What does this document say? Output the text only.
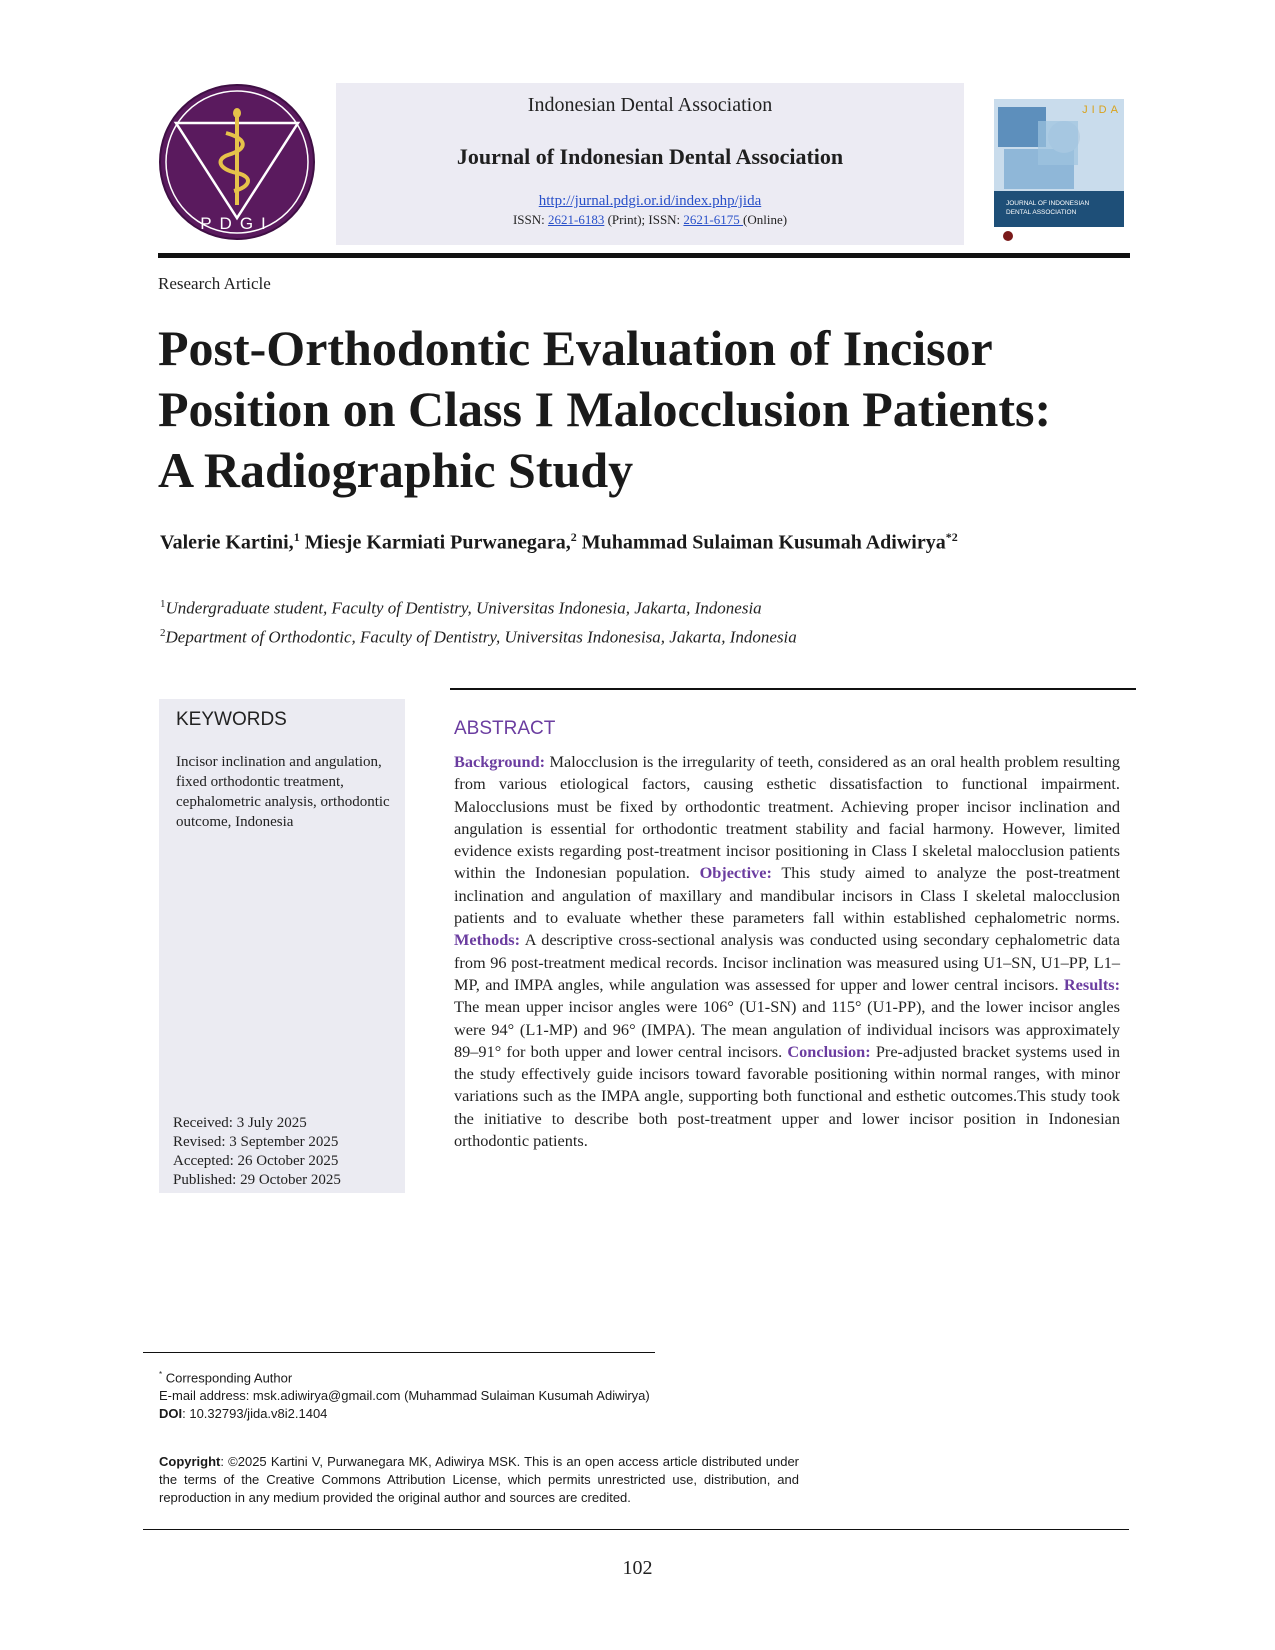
PDGI
Indonesian Dental Association
Journal of Indonesian Dental Association
http://jurnal.pdgi.or.id/index.php/jida
ISSN: 2621-6183 (Print); ISSN: 2621-6175 (Online)
JIDA
JOURNAL OF INDONESIAN
DENTAL ASSOCIATION
Research Article
Post-Orthodontic Evaluation of Incisor
Position on Class I Malocclusion Patients:
A Radiographic Study
Valerie Kartini,$^1$ Miesje Karmiati Purwanegara,$^2$ Muhammad Sulaiman Kusumah Adiwirya$^{*2}$
$^1$Undergraduate student, Faculty of Dentistry, Universitas Indonesia, Jakarta, Indonesia
$^2$Department of Orthodontic, Faculty of Dentistry, Universitas Indonesisa, Jakarta, Indonesia
KEYWORDS
Incisor inclination and angulation, fixed orthodontic treatment, cephalometric analysis, orthodontic outcome, Indonesia
Received: 3 July 2025
Revised: 3 September 2025
Accepted: 26 October 2025
Published: 29 October 2025
ABSTRACT

Background: Malocclusion is the irregularity of teeth, considered as an oral health problem resulting from various etiological factors, causing esthetic dissatisfaction to functional impairment. Malocclusions must be fixed by orthodontic treatment. Achieving proper incisor inclination and angulation is essential for orthodontic treatment stability and facial harmony. However, limited evidence exists regarding post-treatment incisor positioning in Class I skeletal malocclusion patients within the Indonesian population. Objective: This study aimed to analyze the post-treatment inclination and angulation of maxillary and mandibular incisors in Class I skeletal malocclusion patients and to evaluate whether these parameters fall within established cephalometric norms. Methods: A descriptive cross-sectional analysis was conducted using secondary cephalometric data from 96 post-treatment medical records. Incisor inclination was measured using U1–SN, U1–PP, L1–MP, and IMPA angles, while angulation was assessed for upper and lower central incisors. Results: The mean upper incisor angles were 106° (U1-SN) and 115° (U1-PP), and the lower incisor angles were 94° (L1-MP) and 96° (IMPA). The mean angulation of individual incisors was approximately 89–91° for both upper and lower central incisors. Conclusion: Pre-adjusted bracket systems used in the study effectively guide incisors toward favorable positioning within normal ranges, with minor variations such as the IMPA angle, supporting both functional and esthetic outcomes.This study took the initiative to describe both post-treatment upper and lower incisor position in Indonesian orthodontic patients.

* Corresponding Author
E-mail address: msk.adiwirya@gmail.com (Muhammad Sulaiman Kusumah Adiwirya)
DOI: 10.32793/jida.v8i2.1404

Copyright: ©2025 Kartini V, Purwanegara MK, Adiwirya MSK. This is an open access article distributed under the terms of the Creative Commons Attribution License, which permits unrestricted use, distribution, and reproduction in any medium provided the original author and sources are credited.

102
